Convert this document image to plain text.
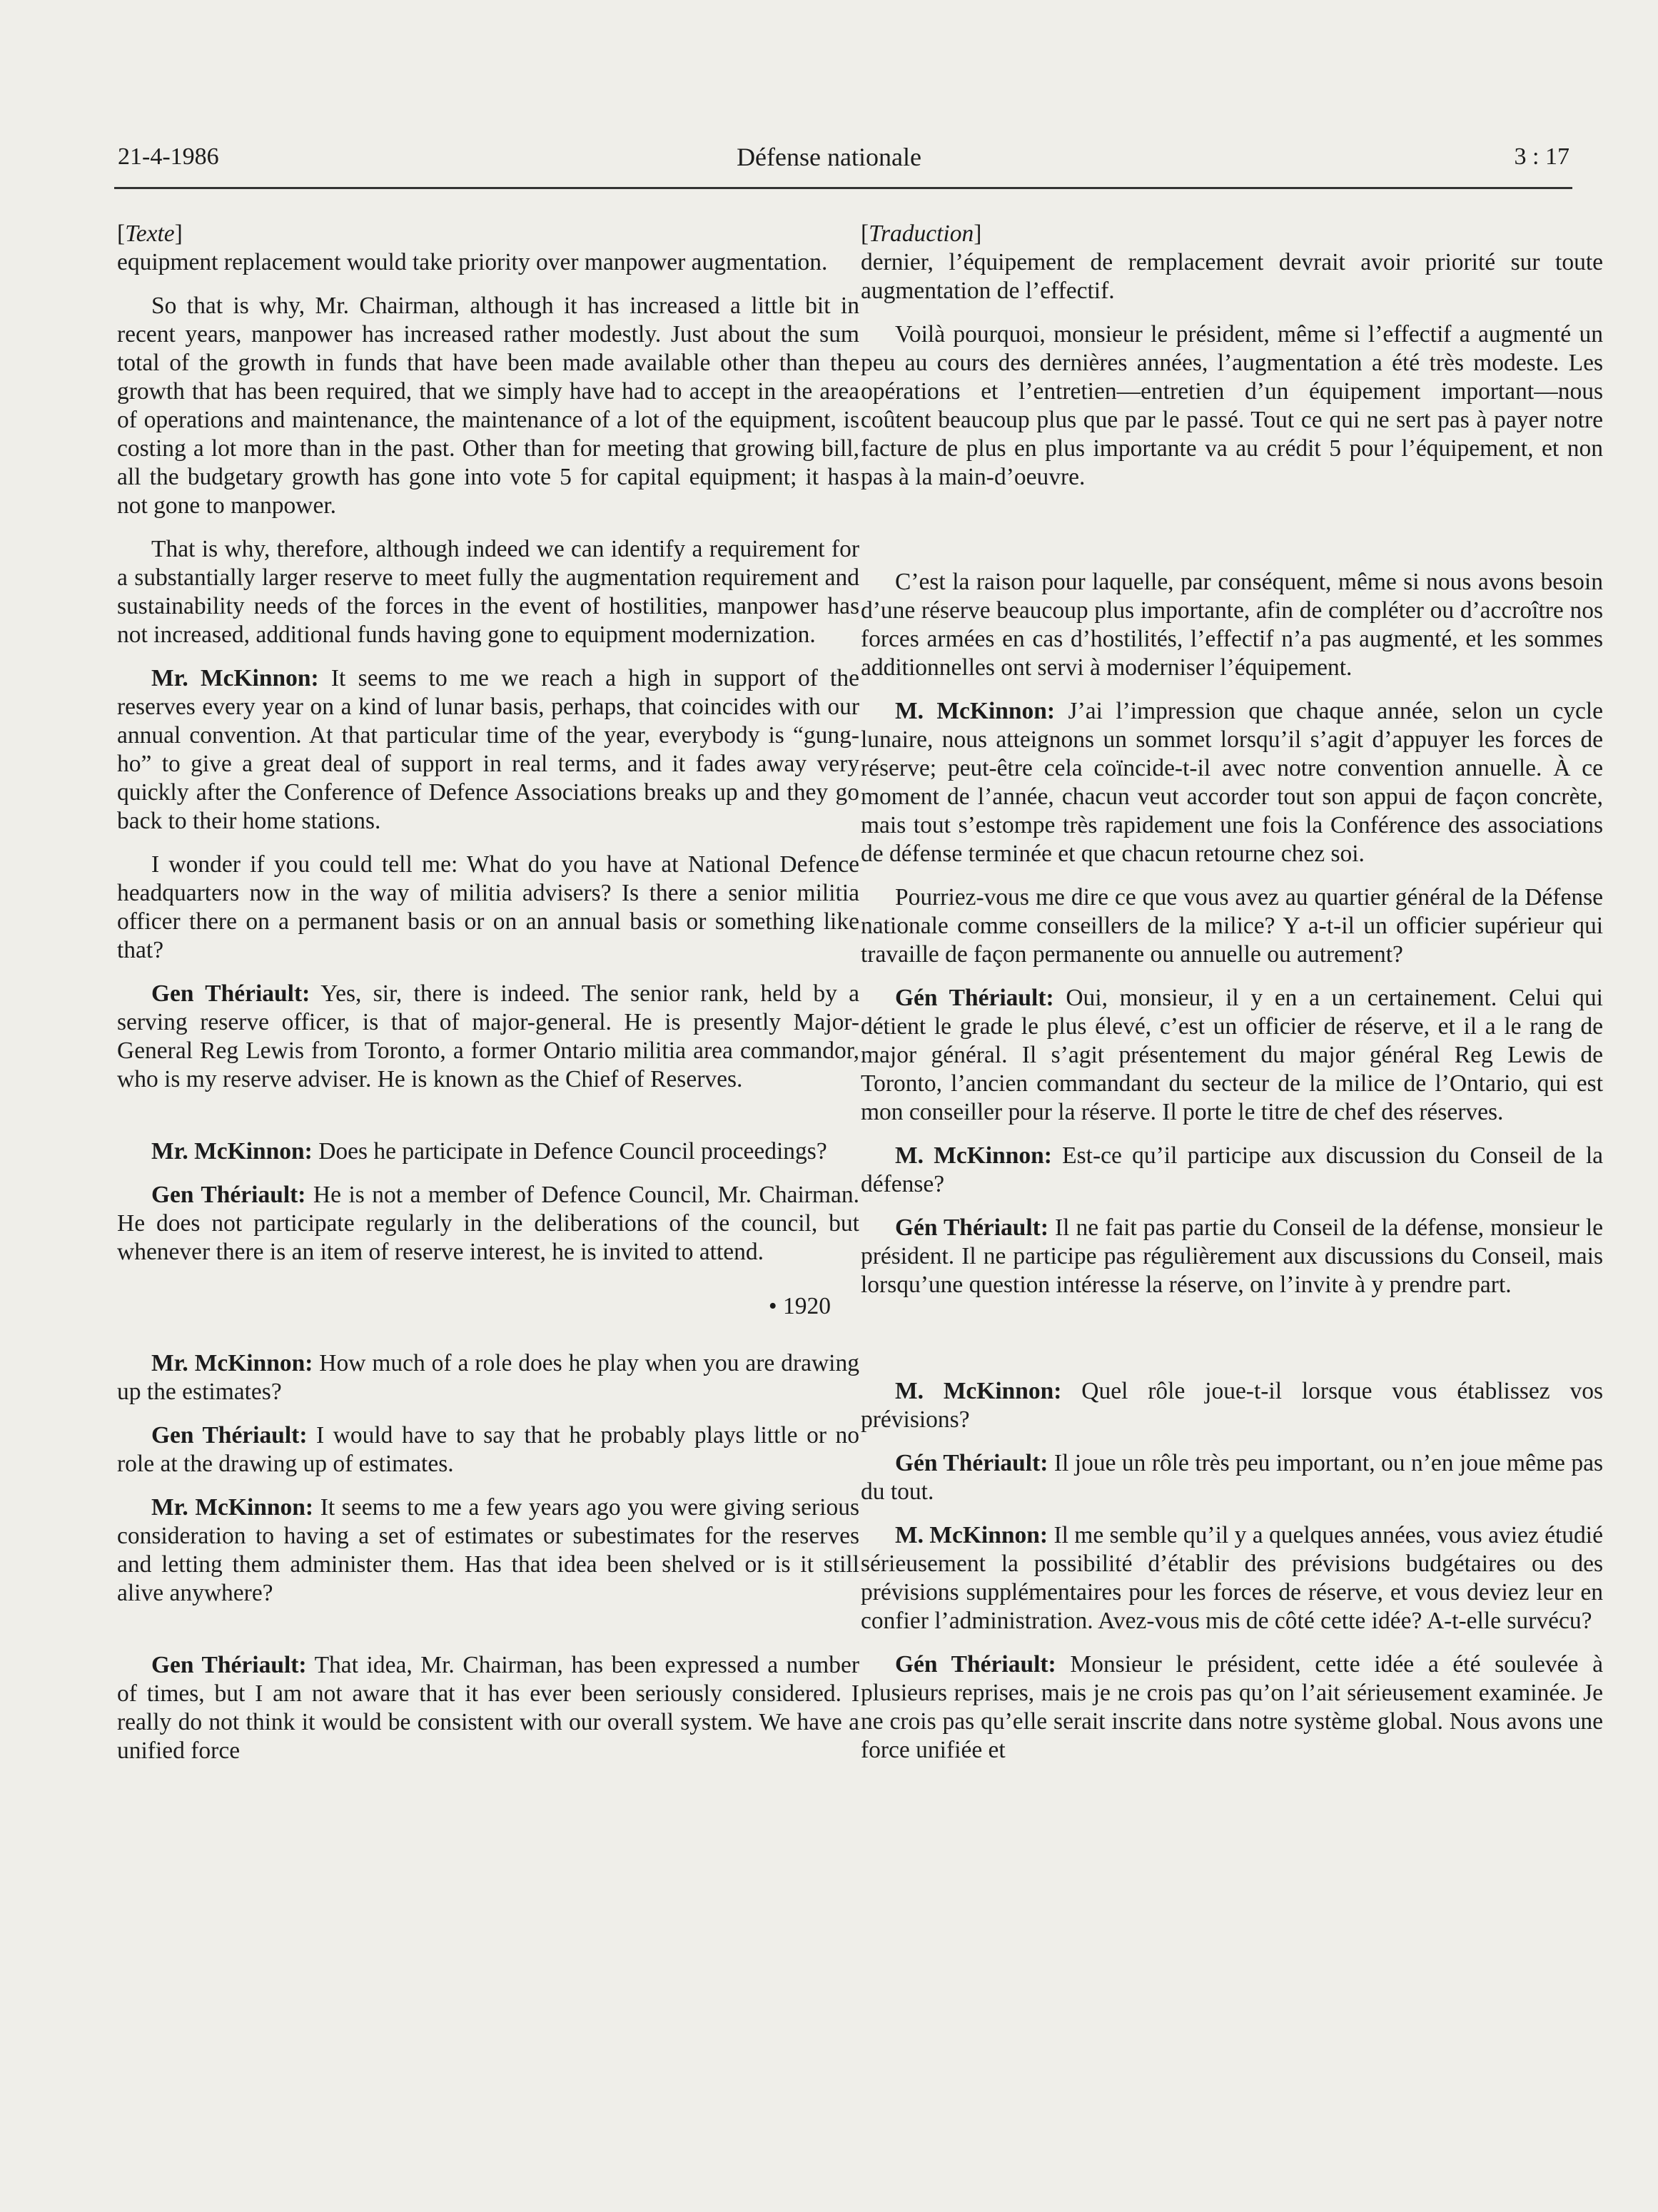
21-4-1986	Défense nationale	3 : 17
[Texte]

equipment replacement would take priority over manpower augmentation.

So that is why, Mr. Chairman, although it has increased a little bit in recent years, manpower has increased rather modestly. Just about the sum total of the growth in funds that have been made available other than the growth that has been required, that we simply have had to accept in the area of operations and maintenance, the maintenance of a lot of the equipment, is costing a lot more than in the past. Other than for meeting that growing bill, all the budgetary growth has gone into vote 5 for capital equipment; it has not gone to manpower.

That is why, therefore, although indeed we can identify a requirement for a substantially larger reserve to meet fully the augmentation requirement and sustainability needs of the forces in the event of hostilities, manpower has not increased, additional funds having gone to equipment modernization.

Mr. McKinnon: It seems to me we reach a high in support of the reserves every year on a kind of lunar basis, perhaps, that coincides with our annual convention. At that particular time of the year, everybody is “gung-ho” to give a great deal of support in real terms, and it fades away very quickly after the Conference of Defence Associations breaks up and they go back to their home stations.

I wonder if you could tell me: What do you have at National Defence headquarters now in the way of militia advisers? Is there a senior militia officer there on a permanent basis or on an annual basis or something like that?

Gen Thériault: Yes, sir, there is indeed. The senior rank, held by a serving reserve officer, is that of major-general. He is presently Major-General Reg Lewis from Toronto, a former Ontario militia area commandor, who is my reserve adviser. He is known as the Chief of Reserves.

Mr. McKinnon: Does he participate in Defence Council proceedings?

Gen Thériault: He is not a member of Defence Council, Mr. Chairman. He does not participate regularly in the deliberations of the council, but whenever there is an item of reserve interest, he is invited to attend.

• 1920

Mr. McKinnon: How much of a role does he play when you are drawing up the estimates?

Gen Thériault: I would have to say that he probably plays little or no role at the drawing up of estimates.

Mr. McKinnon: It seems to me a few years ago you were giving serious consideration to having a set of estimates or subestimates for the reserves and letting them administer them. Has that idea been shelved or is it still alive anywhere?

Gen Thériault: That idea, Mr. Chairman, has been expressed a number of times, but I am not aware that it has ever been seriously considered. I really do not think it would be consistent with our overall system. We have a unified force

[Traduction]

dernier, l’équipement de remplacement devrait avoir priorité sur toute augmentation de l’effectif.

Voilà pourquoi, monsieur le président, même si l’effectif a augmenté un peu au cours des dernières années, l’augmentation a été très modeste. Les opérations et l’entretien—entretien d’un équipement important—nous coûtent beaucoup plus que par le passé. Tout ce qui ne sert pas à payer notre facture de plus en plus importante va au crédit 5 pour l’équipement, et non pas à la main-d’oeuvre.

C’est la raison pour laquelle, par conséquent, même si nous avons besoin d’une réserve beaucoup plus importante, afin de compléter ou d’accroître nos forces armées en cas d’hostilités, l’effectif n’a pas augmenté, et les sommes additionnelles ont servi à moderniser l’équipement.

M. McKinnon: J’ai l’impression que chaque année, selon un cycle lunaire, nous atteignons un sommet lorsqu’il s’agit d’appuyer les forces de réserve; peut-être cela coïncide-t-il avec notre convention annuelle. À ce moment de l’année, chacun veut accorder tout son appui de façon concrète, mais tout s’estompe très rapidement une fois la Conférence des associations de défense terminée et que chacun retourne chez soi.

Pourriez-vous me dire ce que vous avez au quartier général de la Défense nationale comme conseillers de la milice? Y a-t-il un officier supérieur qui travaille de façon permanente ou annuelle ou autrement?

Gén Thériault: Oui, monsieur, il y en a un certainement. Celui qui détient le grade le plus élevé, c’est un officier de réserve, et il a le rang de major général. Il s’agit présentement du major général Reg Lewis de Toronto, l’ancien commandant du secteur de la milice de l’Ontario, qui est mon conseiller pour la réserve. Il porte le titre de chef des réserves.

M. McKinnon: Est-ce qu’il participe aux discussion du Conseil de la défense?

Gén Thériault: Il ne fait pas partie du Conseil de la défense, monsieur le président. Il ne participe pas régulièrement aux discussions du Conseil, mais lorsqu’une question intéresse la réserve, on l’invite à y prendre part.

M. McKinnon: Quel rôle joue-t-il lorsque vous établissez vos prévisions?

Gén Thériault: Il joue un rôle très peu important, ou n’en joue même pas du tout.

M. McKinnon: Il me semble qu’il y a quelques années, vous aviez étudié sérieusement la possibilité d’établir des prévisions budgétaires ou des prévisions supplémentaires pour les forces de réserve, et vous deviez leur en confier l’administration. Avez-vous mis de côté cette idée? A-t-elle survécu?

Gén Thériault: Monsieur le président, cette idée a été soulevée à plusieurs reprises, mais je ne crois pas qu’on l’ait sérieusement examinée. Je ne crois pas qu’elle serait inscrite dans notre système global. Nous avons une force unifiée et
